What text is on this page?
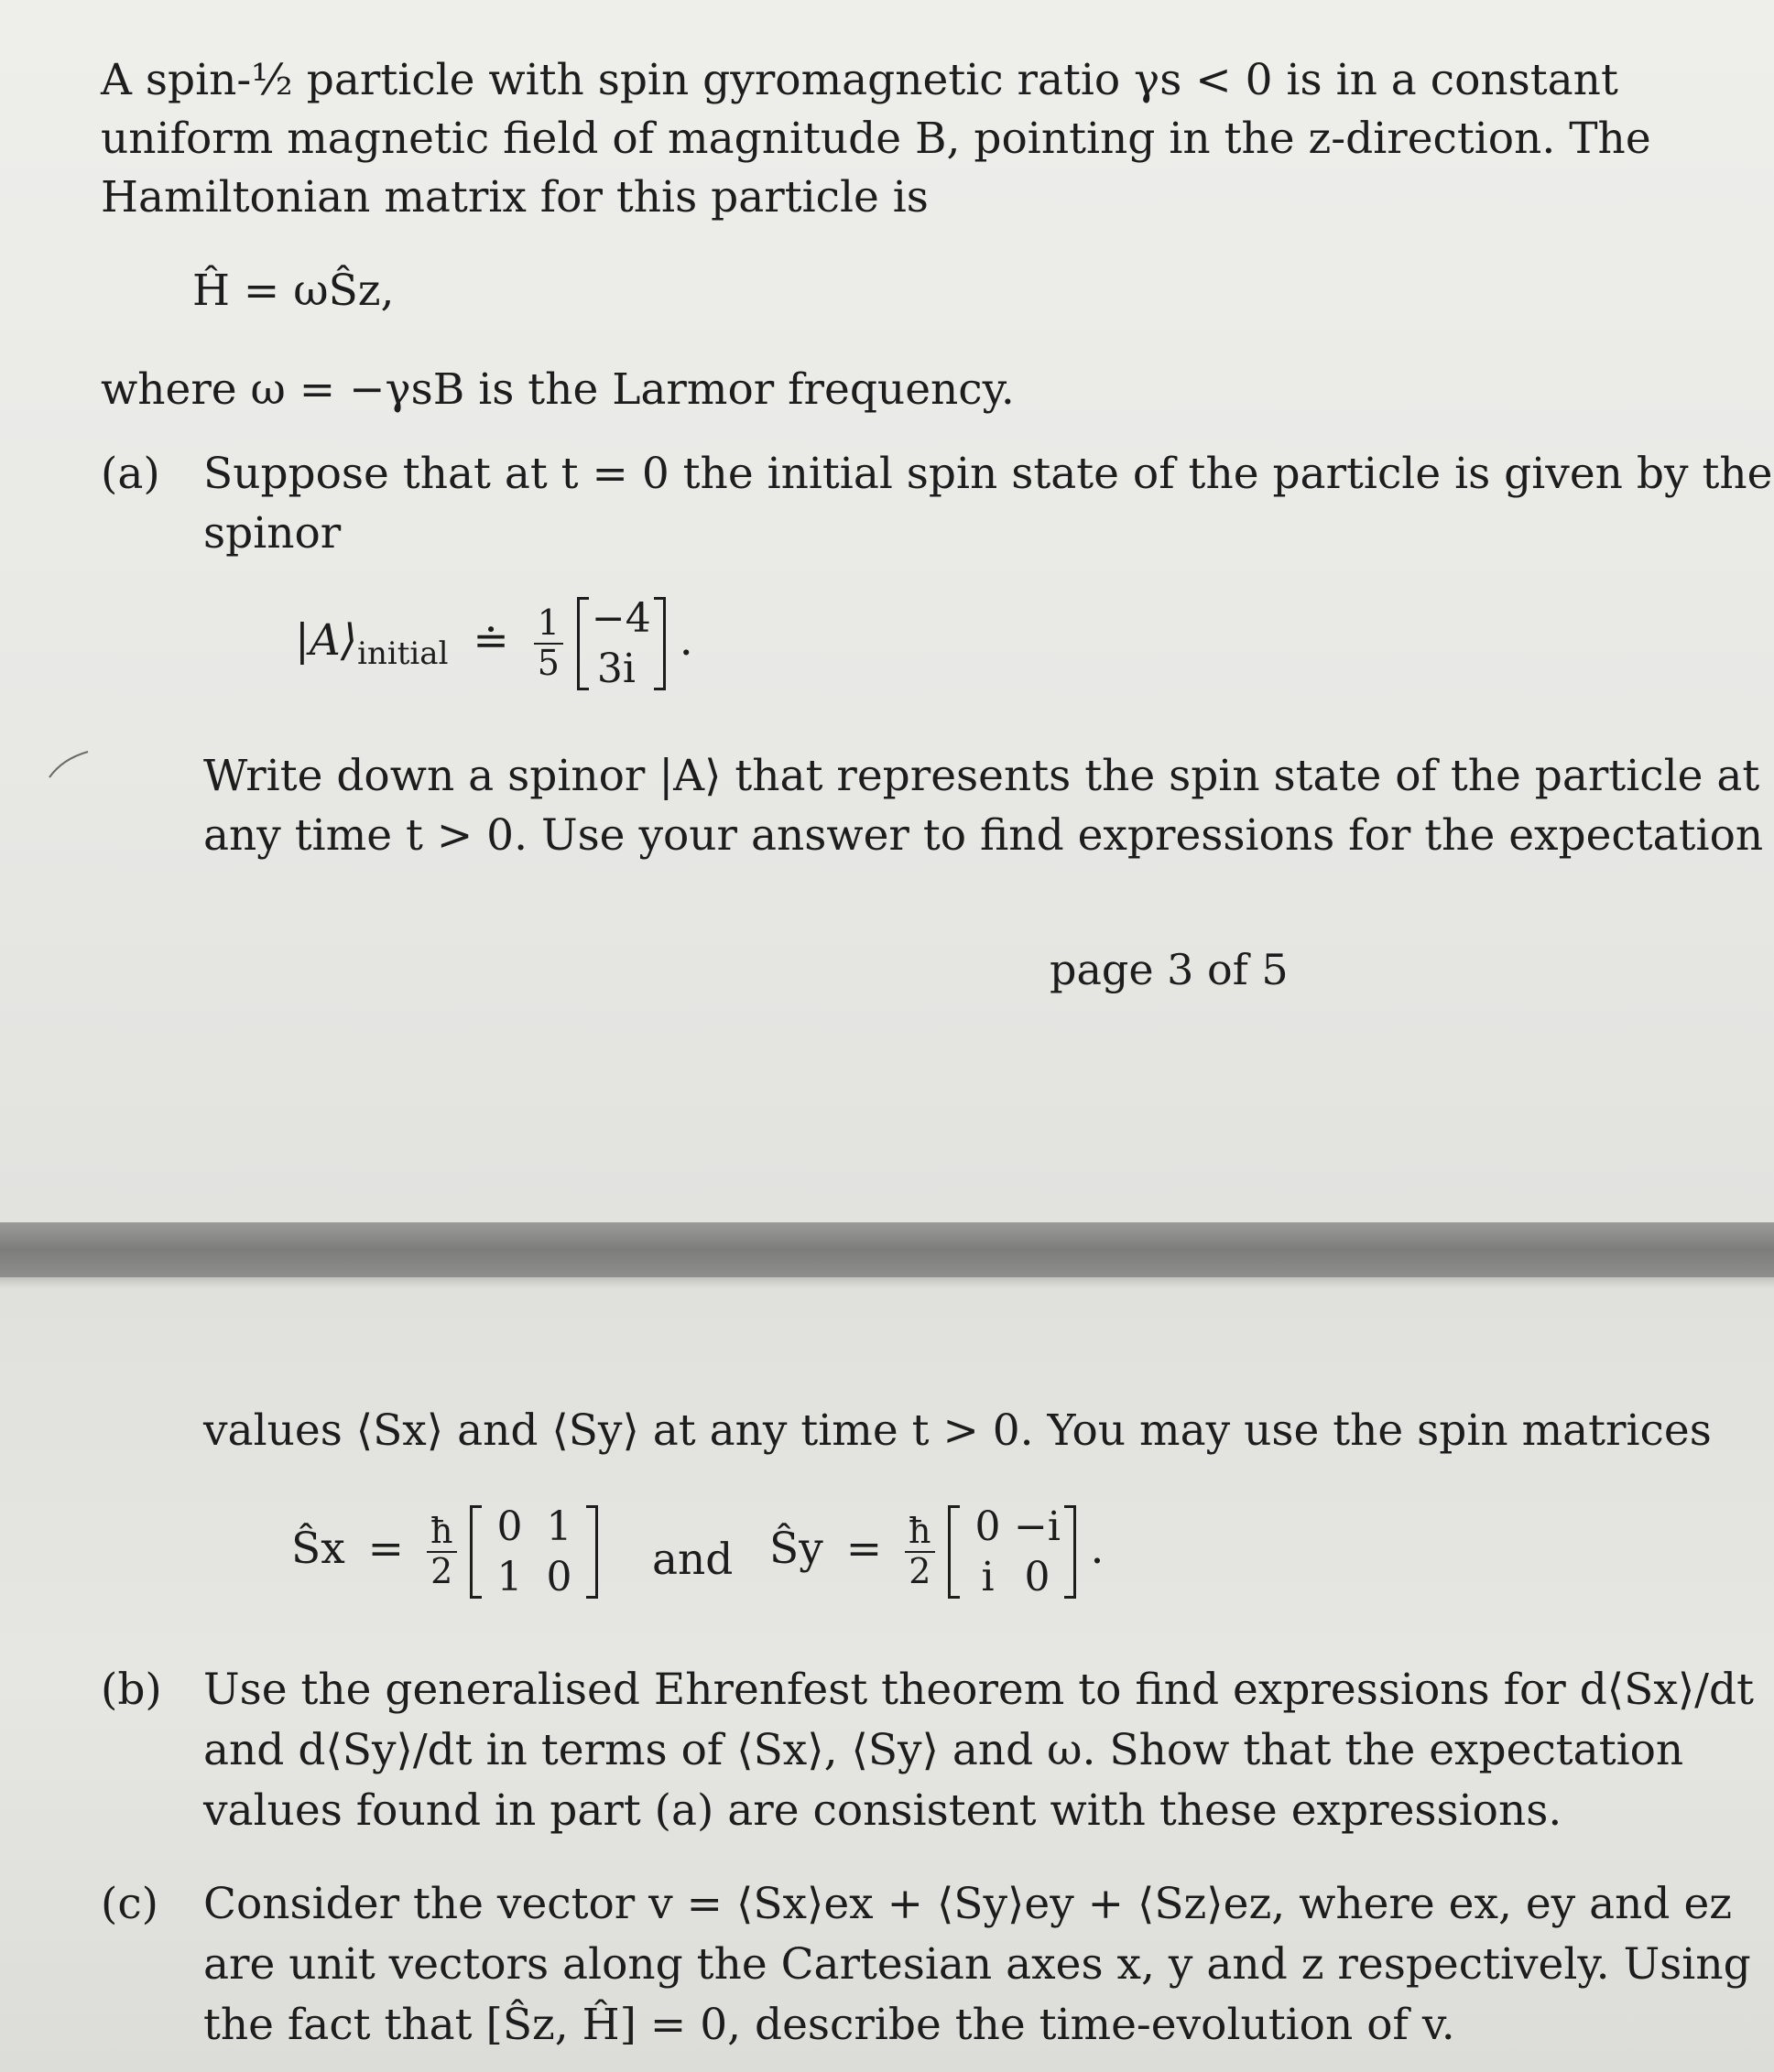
A spin-½ particle with spin gyromagnetic ratio γs < 0 is in a constant
uniform magnetic field of magnitude B, pointing in the z-direction. The
Hamiltonian matrix for this particle is
Ĥ = ωŜz,
where ω = −γsB is the Larmor frequency.
(a) Suppose that at t = 0 the initial spin state of the particle is given by the
spinor
$|A⟩_{initial}$ ≐ $\frac{1}{5}$
−4
3i
.
Write down a spinor |A⟩ that represents the spin state of the particle at
any time t > 0. Use your answer to find expressions for the expectation
page 3 of 5
values ⟨Sx⟩ and ⟨Sy⟩ at any time t > 0. You may use the spin matrices
Ŝx = $\frac{ħ}{2}$
0 1
1 0 and Ŝy = $\frac{ħ}{2}$
0 −i
i 0
.
(b) Use the generalised Ehrenfest theorem to find expressions for d⟨Sx⟩/dt
and d⟨Sy⟩/dt in terms of ⟨Sx⟩, ⟨Sy⟩ and ω. Show that the expectation
values found in part (a) are consistent with these expressions.
(c) Consider the vector v = ⟨Sx⟩ex + ⟨Sy⟩ey + ⟨Sz⟩ez, where ex, ey and ez
are unit vectors along the Cartesian axes x, y and z respectively. Using
the fact that [Ŝz, Ĥ] = 0, describe the time-evolution of v.
